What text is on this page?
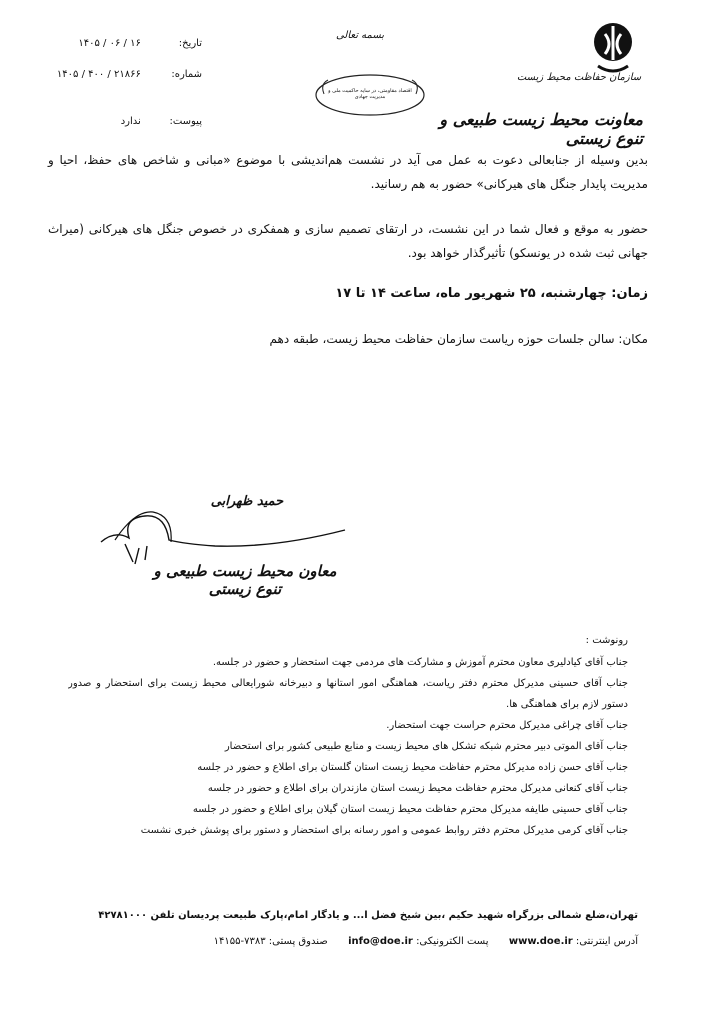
سازمان حفاظت محیط زیست
معاونت محیط زیست طبیعی و تنوع زیستی
بسمه تعالی
اقتصاد مقاومتی، در سایه حاکمیت ملی و مدیریت جهادی
تاریخ: ۱۴۰۵ / ۰۶ / ۱۶
شماره: ۱۴۰۵ / ۴۰۰ / ۲۱۸۶۶
پیوست: ندارد
بدین وسیله از جنابعالی دعوت به عمل می آید در نشست هم‌اندیشی با موضوع «مبانی و شاخص های حفظ، احیا و مدیریت پایدار جنگل های هیرکانی» حضور به هم رسانید.
حضور به موقع و فعال شما در این نشست، در ارتقای تصمیم سازی و همفکری در خصوص جنگل های هیرکانی (میراث جهانی ثبت شده در یونسکو) تأثیرگذار خواهد بود.
زمان: چهارشنبه، ۲۵ شهریور ماه، ساعت ۱۴ تا ۱۷
مکان: سالن جلسات حوزه ریاست سازمان حفاظت محیط زیست، طبقه دهم
حمید ظهرابی
معاون محیط زیست طبیعی و تنوع زیستی
رونوشت :
جناب آقای کیادلیری معاون محترم آموزش و مشارکت های مردمی جهت استحضار و حضور در جلسه.
جناب آقای حسینی مدیرکل محترم دفتر ریاست، هماهنگی امور استانها و دبیرخانه شورایعالی محیط زیست برای استحضار و صدور دستور لازم برای هماهنگی ها.
جناب آقای چراغی مدیرکل محترم حراست جهت استحضار.
جناب آقای الموتی دبیر محترم شبکه تشکل های محیط زیست و منابع طبیعی کشور برای استحضار
جناب آقای حسن زاده مدیرکل محترم حفاظت محیط زیست استان گلستان برای اطلاع و حضور در جلسه
جناب آقای کنعانی مدیرکل محترم حفاظت محیط زیست استان مازندران برای اطلاع و حضور در جلسه
جناب آقای حسینی طایفه مدیرکل محترم حفاظت محیط زیست استان گیلان برای اطلاع و حضور در جلسه
جناب آقای کرمی مدیرکل محترم دفتر روابط عمومی و امور رسانه برای استحضار و دستور برای پوشش خبری نشست
تهران،ضلع شمالی بزرگراه شهید حکیم ،بین شیخ فضل ا... و یادگار امام،پارک طبیعت پردیسان تلفن ۴۲۷۸۱۰۰۰
آدرس اینترنتی: www.doe.ir  پست الکترونیکی: info@doe.ir  صندوق پستی: ۱۴۱۵۵-۷۳۸۳
